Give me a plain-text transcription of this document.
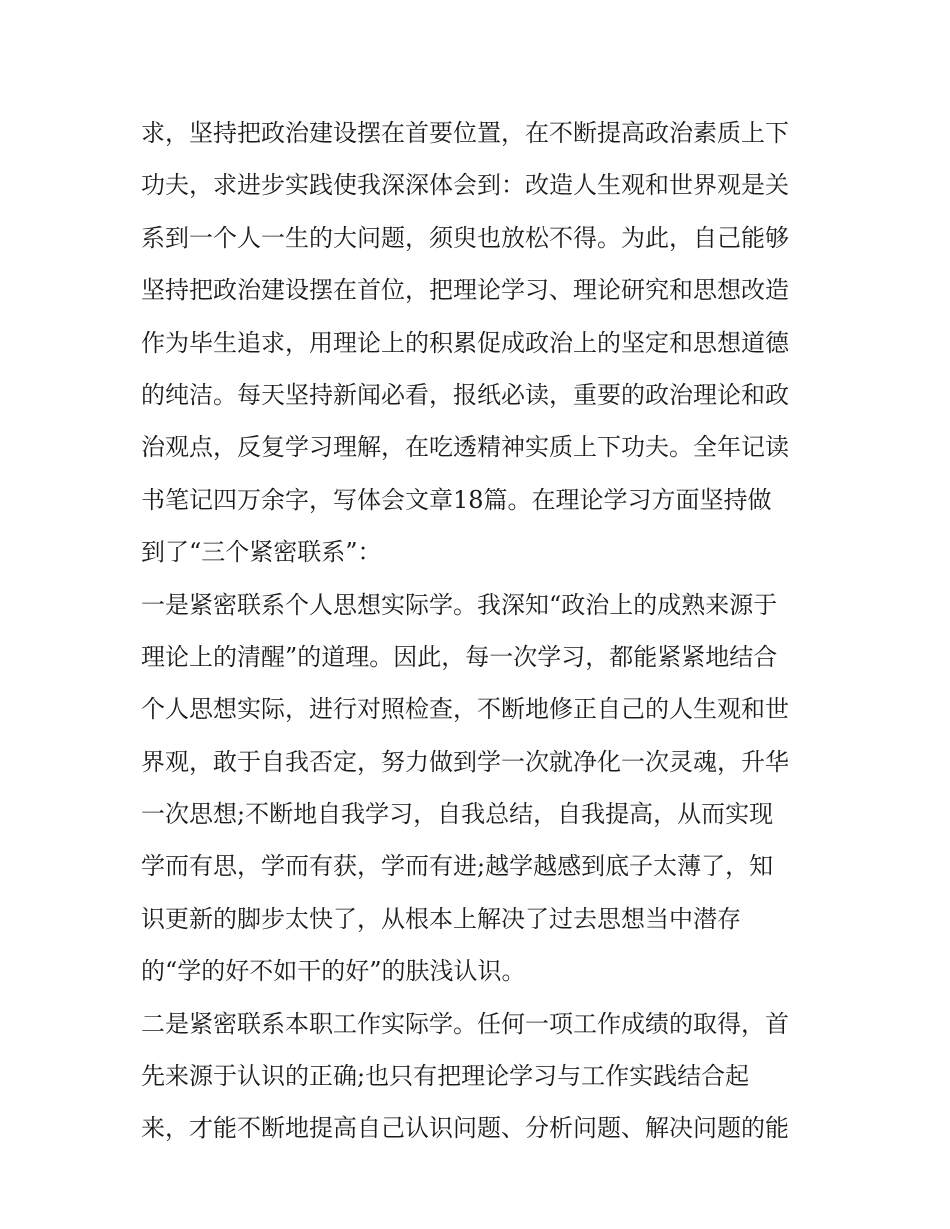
求，坚持把政治建设摆在首要位置，在不断提高政治素质上下
功夫，求进步实践使我深深体会到：改造人生观和世界观是关
系到一个人一生的大问题，须臾也放松不得。为此，自己能够
坚持把政治建设摆在首位，把理论学习、理论研究和思想改造
作为毕生追求，用理论上的积累促成政治上的坚定和思想道德
的纯洁。每天坚持新闻必看，报纸必读，重要的政治理论和政
治观点，反复学习理解，在吃透精神实质上下功夫。全年记读
书笔记四万余字，写体会文章18篇。在理论学习方面坚持做
到了“三个紧密联系”：
一是紧密联系个人思想实际学。我深知“政治上的成熟来源于
理论上的清醒”的道理。因此，每一次学习，都能紧紧地结合
个人思想实际，进行对照检查，不断地修正自己的人生观和世
界观，敢于自我否定，努力做到学一次就净化一次灵魂，升华
一次思想;不断地自我学习，自我总结，自我提高，从而实现
学而有思，学而有获，学而有进;越学越感到底子太薄了，知
识更新的脚步太快了，从根本上解决了过去思想当中潜存
的“学的好不如干的好”的肤浅认识。
二是紧密联系本职工作实际学。任何一项工作成绩的取得，首
先来源于认识的正确;也只有把理论学习与工作实践结合起
来，才能不断地提高自己认识问题、分析问题、解决问题的能
